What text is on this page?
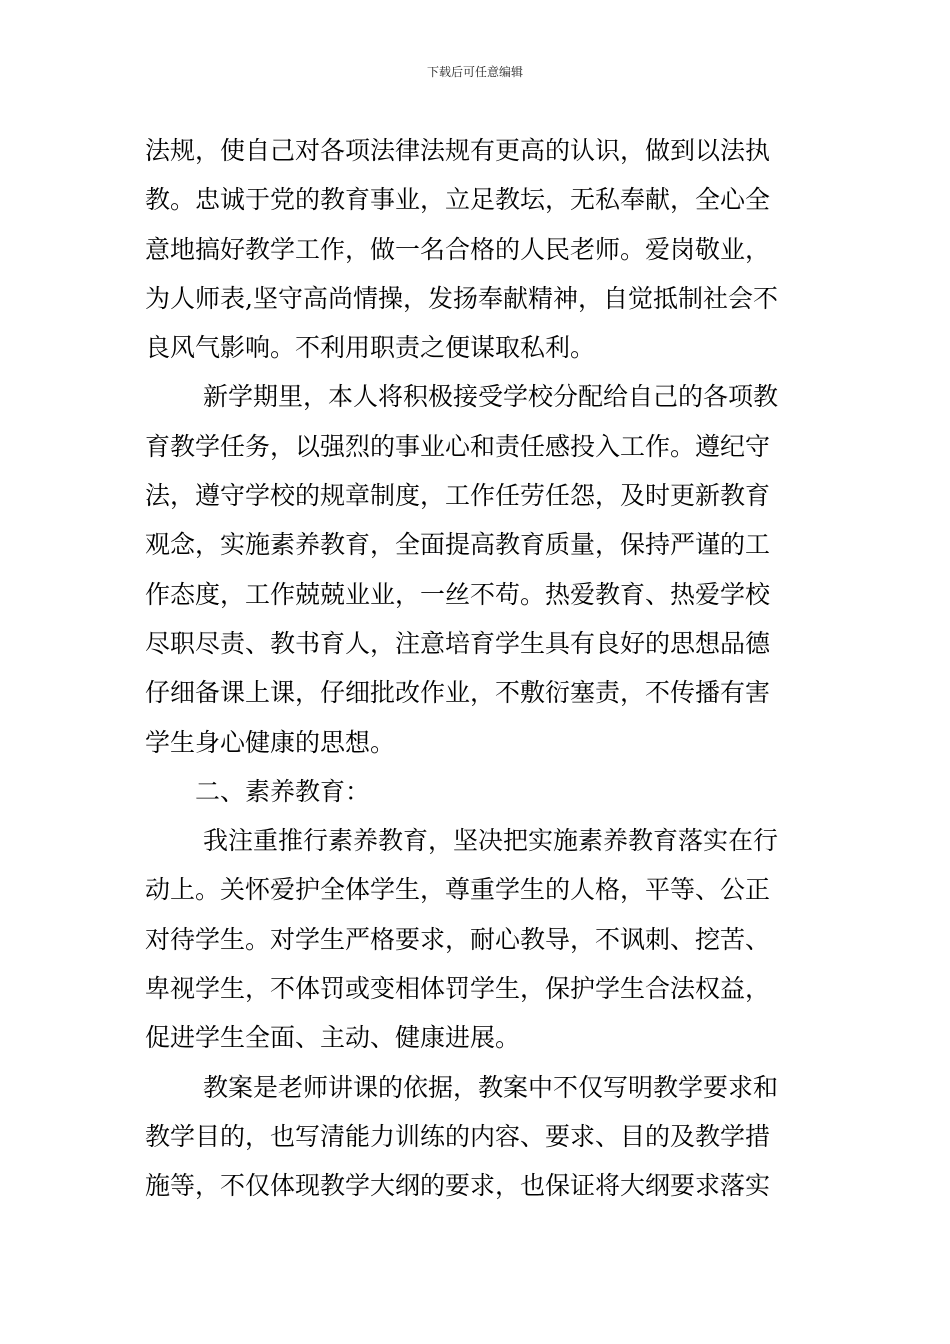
下载后可任意编辑
法规，使自己对各项法律法规有更高的认识，做到以法执
教。忠诚于党的教育事业，立足教坛，无私奉献，全心全
意地搞好教学工作，做一名合格的人民老师。爱岗敬业，
为人师表,坚守高尚情操，发扬奉献精神，自觉抵制社会不
良风气影响。不利用职责之便谋取私利。
新学期里，本人将积极接受学校分配给自己的各项教
育教学任务，以强烈的事业心和责任感投入工作。遵纪守
法，遵守学校的规章制度，工作任劳任怨，及时更新教育
观念，实施素养教育，全面提高教育质量，保持严谨的工
作态度，工作兢兢业业，一丝不苟。热爱教育、热爱学校
尽职尽责、教书育人，注意培育学生具有良好的思想品德
仔细备课上课，仔细批改作业，不敷衍塞责，不传播有害
学生身心健康的思想。
二、素养教育：
我注重推行素养教育，坚决把实施素养教育落实在行
动上。关怀爱护全体学生，尊重学生的人格，平等、公正
对待学生。对学生严格要求，耐心教导，不讽刺、挖苦、
卑视学生，不体罚或变相体罚学生，保护学生合法权益，
促进学生全面、主动、健康进展。
教案是老师讲课的依据，教案中不仅写明教学要求和
教学目的，也写清能力训练的内容、要求、目的及教学措
施等，不仅体现教学大纲的要求，也保证将大纲要求落实
